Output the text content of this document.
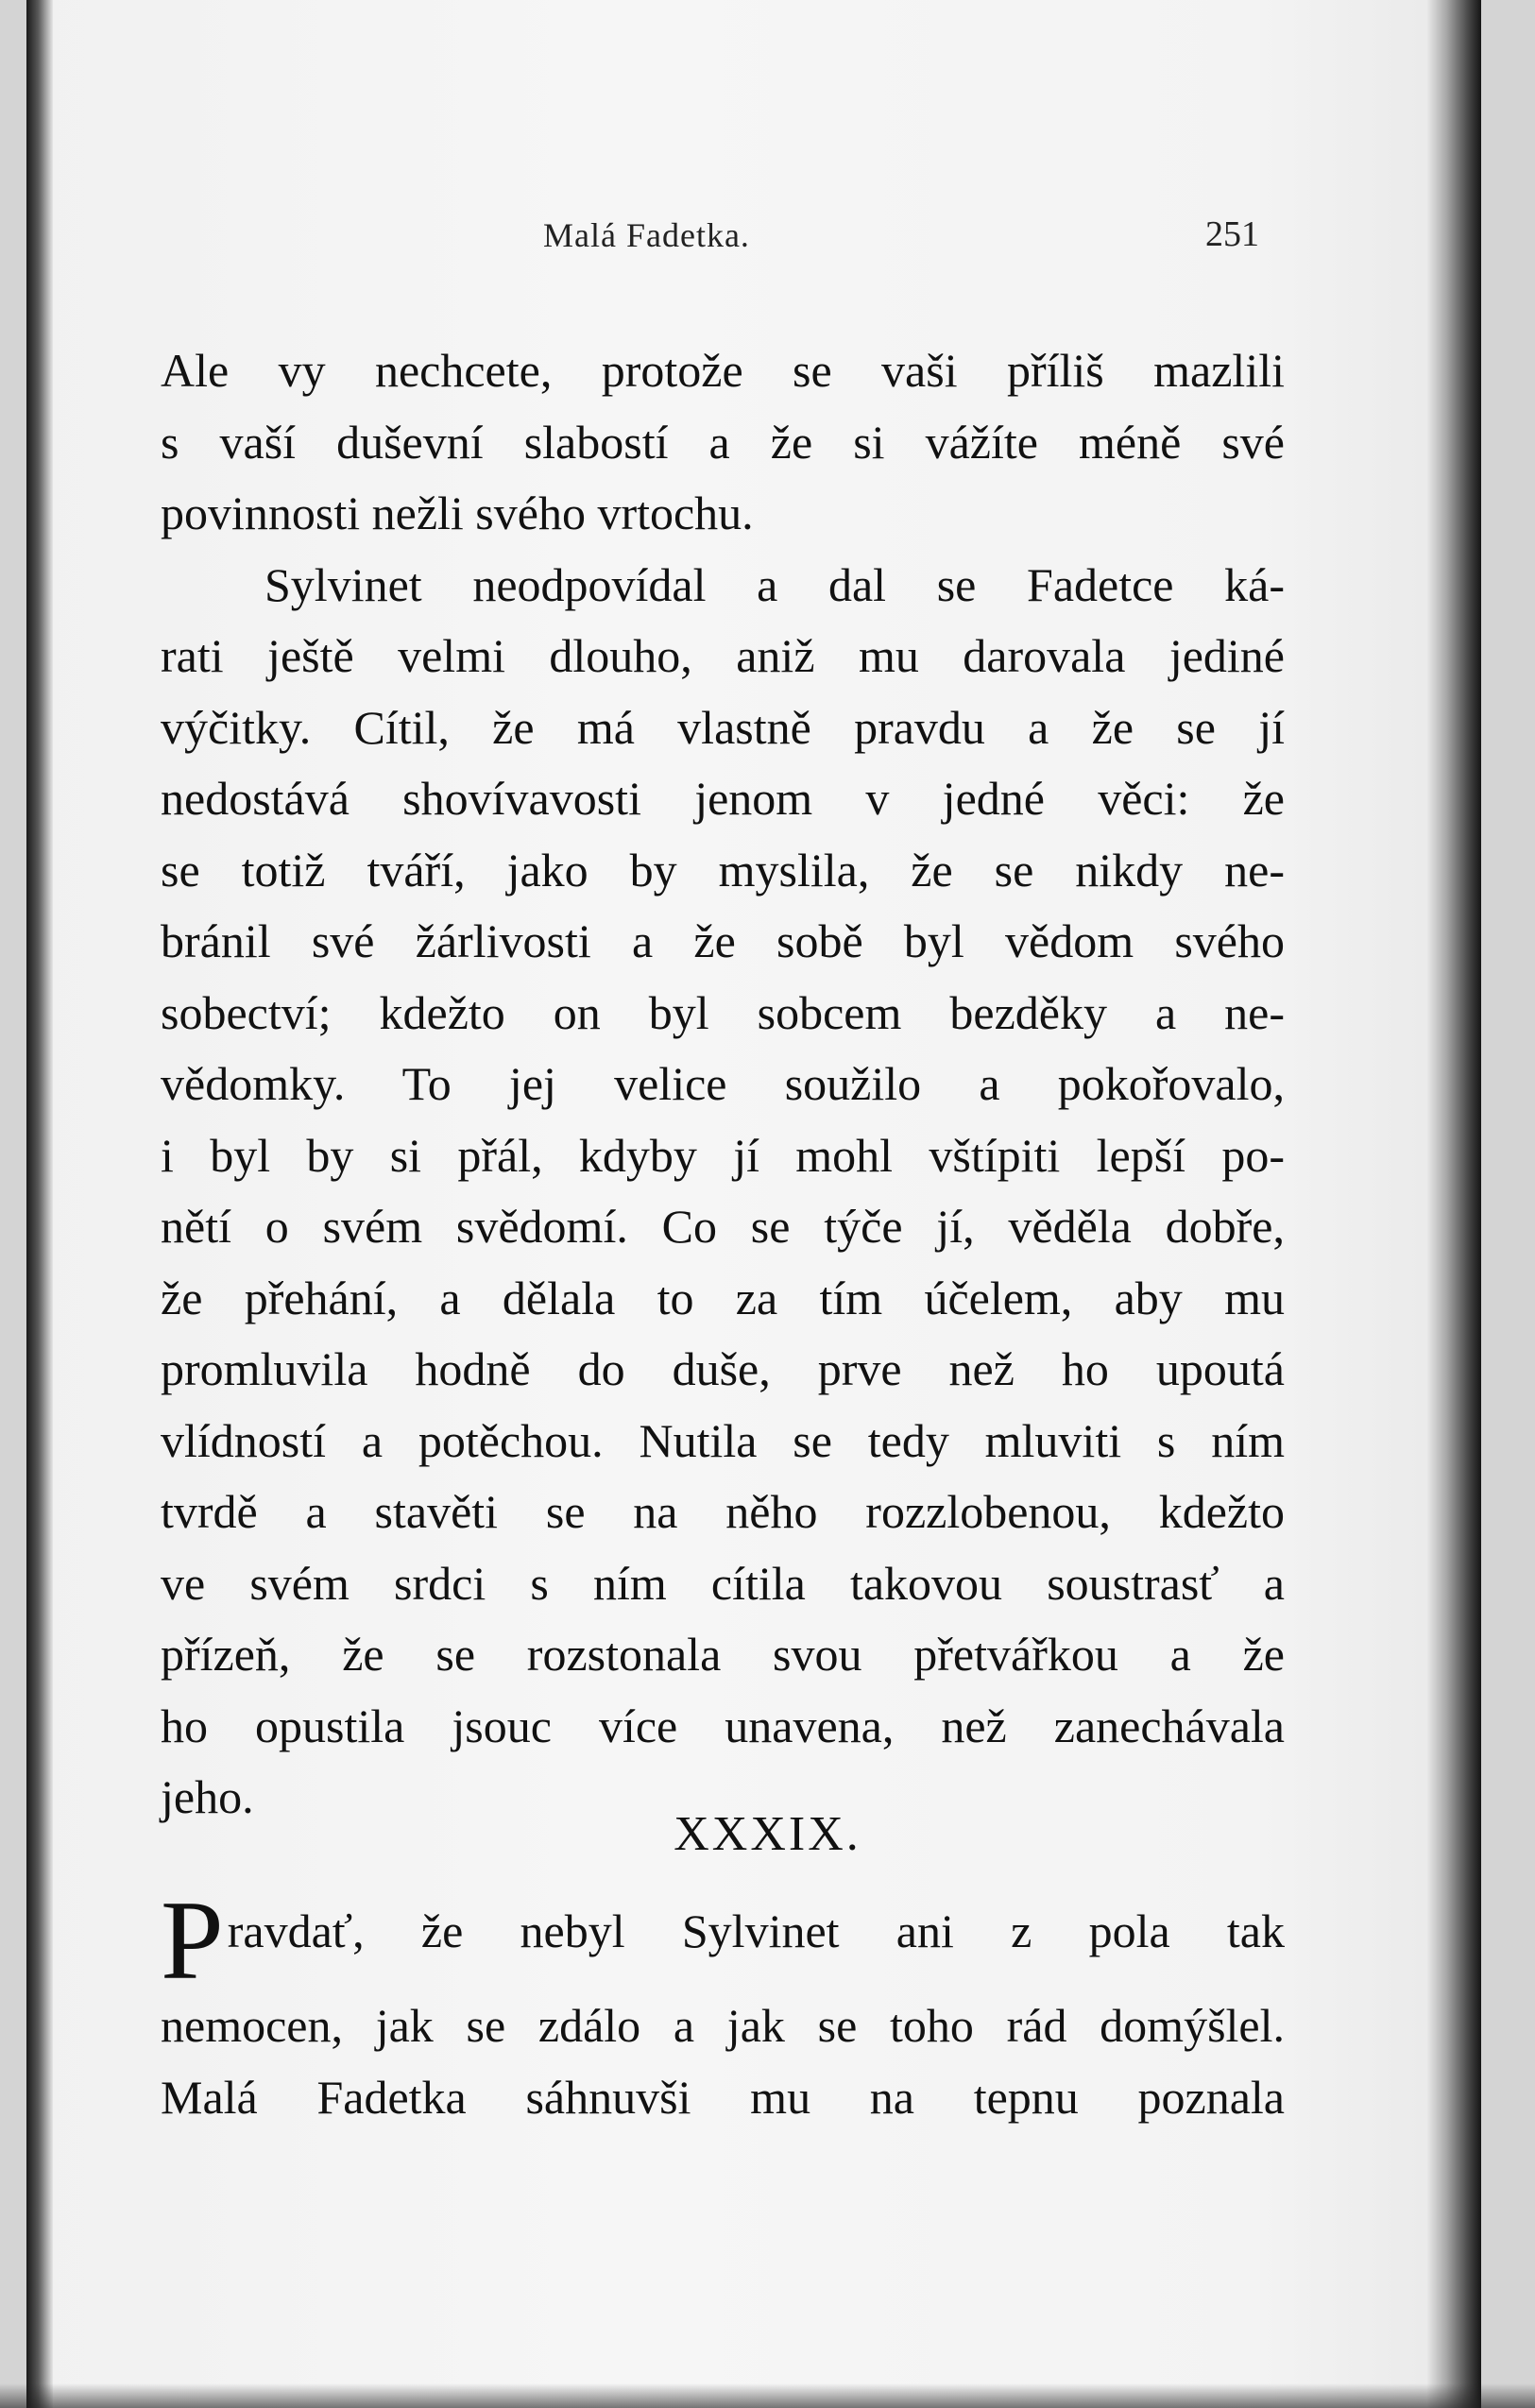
Malá Fadetka.	251
Ale vy nechcete, protože se vaši příliš mazlili
s vaší duševní slabostí a že si vážíte méně své
povinnosti nežli svého vrtochu.
Sylvinet neodpovídal a dal se Fadetce ká-
rati ještě velmi dlouho, aniž mu darovala jediné
výčitky. Cítil, že má vlastně pravdu a že se jí
nedostává shovívavosti jenom v jedné věci: že
se totiž tváří, jako by myslila, že se nikdy ne-
bránil své žárlivosti a že sobě byl vědom svého
sobectví; kdežto on byl sobcem bezděky a ne-
vědomky. To jej velice soužilo a pokořovalo,
i byl by si přál, kdyby jí mohl vštípiti lepší po-
nětí o svém svědomí. Co se týče jí, věděla dobře,
že přehání, a dělala to za tím účelem, aby mu
promluvila hodně do duše, prve než ho upoutá
vlídností a potěchou. Nutila se tedy mluviti s ním
tvrdě a stavěti se na něho rozzlobenou, kdežto
ve svém srdci s ním cítila takovou soustrasť a
přízeň, že se rozstonala svou přetvářkou a že
ho opustila jsouc více unavena, než zanechávala
jeho.
XXXIX.
P ravdať, že nebyl Sylvinet ani z pola tak
nemocen, jak se zdálo a jak se toho rád domýšlel.
Malá Fadetka sáhnuvši mu na tepnu poznala
